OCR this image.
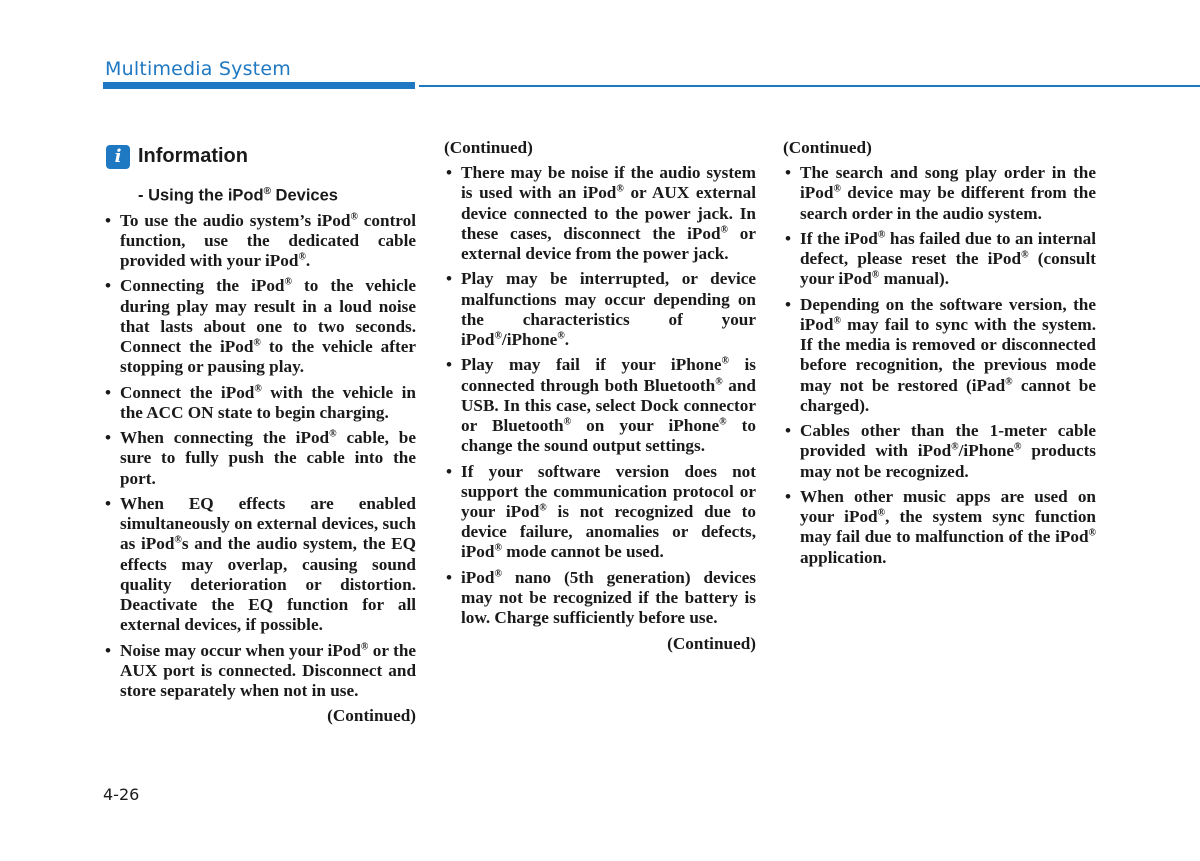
Multimedia System
i Information
- Using the iPod® Devices
• To use the audio system’s iPod® control function, use the dedicated cable provided with your iPod®.
• Connecting the iPod® to the vehicle during play may result in a loud noise that lasts about one to two seconds. Connect the iPod® to the vehicle after stopping or pausing play.
• Connect the iPod® with the vehicle in the ACC ON state to begin charging.
• When connecting the iPod® cable, be sure to fully push the cable into the port.
• When EQ effects are enabled simultaneously on external devices, such as iPod®s and the audio system, the EQ effects may overlap, causing sound quality deterioration or distortion. Deactivate the EQ function for all external devices, if possible.
• Noise may occur when your iPod® or the AUX port is connected. Disconnect and store separately when not in use.
(Continued)
(Continued)
• There may be noise if the audio system is used with an iPod® or AUX external device connected to the power jack. In these cases, disconnect the iPod® or external device from the power jack.
• Play may be interrupted, or device malfunctions may occur depending on the characteristics of your iPod®/iPhone®.
• Play may fail if your iPhone® is connected through both Bluetooth® and USB. In this case, select Dock connector or Bluetooth® on your iPhone® to change the sound output settings.
• If your software version does not support the communication protocol or your iPod® is not recognized due to device failure, anomalies or defects, iPod® mode cannot be used.
• iPod® nano (5th generation) devices may not be recognized if the battery is low. Charge sufficiently before use.
(Continued)
(Continued)
• The search and song play order in the iPod® device may be different from the search order in the audio system.
• If the iPod® has failed due to an internal defect, please reset the iPod® (consult your iPod® manual).
• Depending on the software version, the iPod® may fail to sync with the system. If the media is removed or disconnected before recognition, the previous mode may not be restored (iPad® cannot be charged).
• Cables other than the 1-meter cable provided with iPod®/iPhone® products may not be recognized.
• When other music apps are used on your iPod®, the system sync function may fail due to malfunction of the iPod® application.
4-26
